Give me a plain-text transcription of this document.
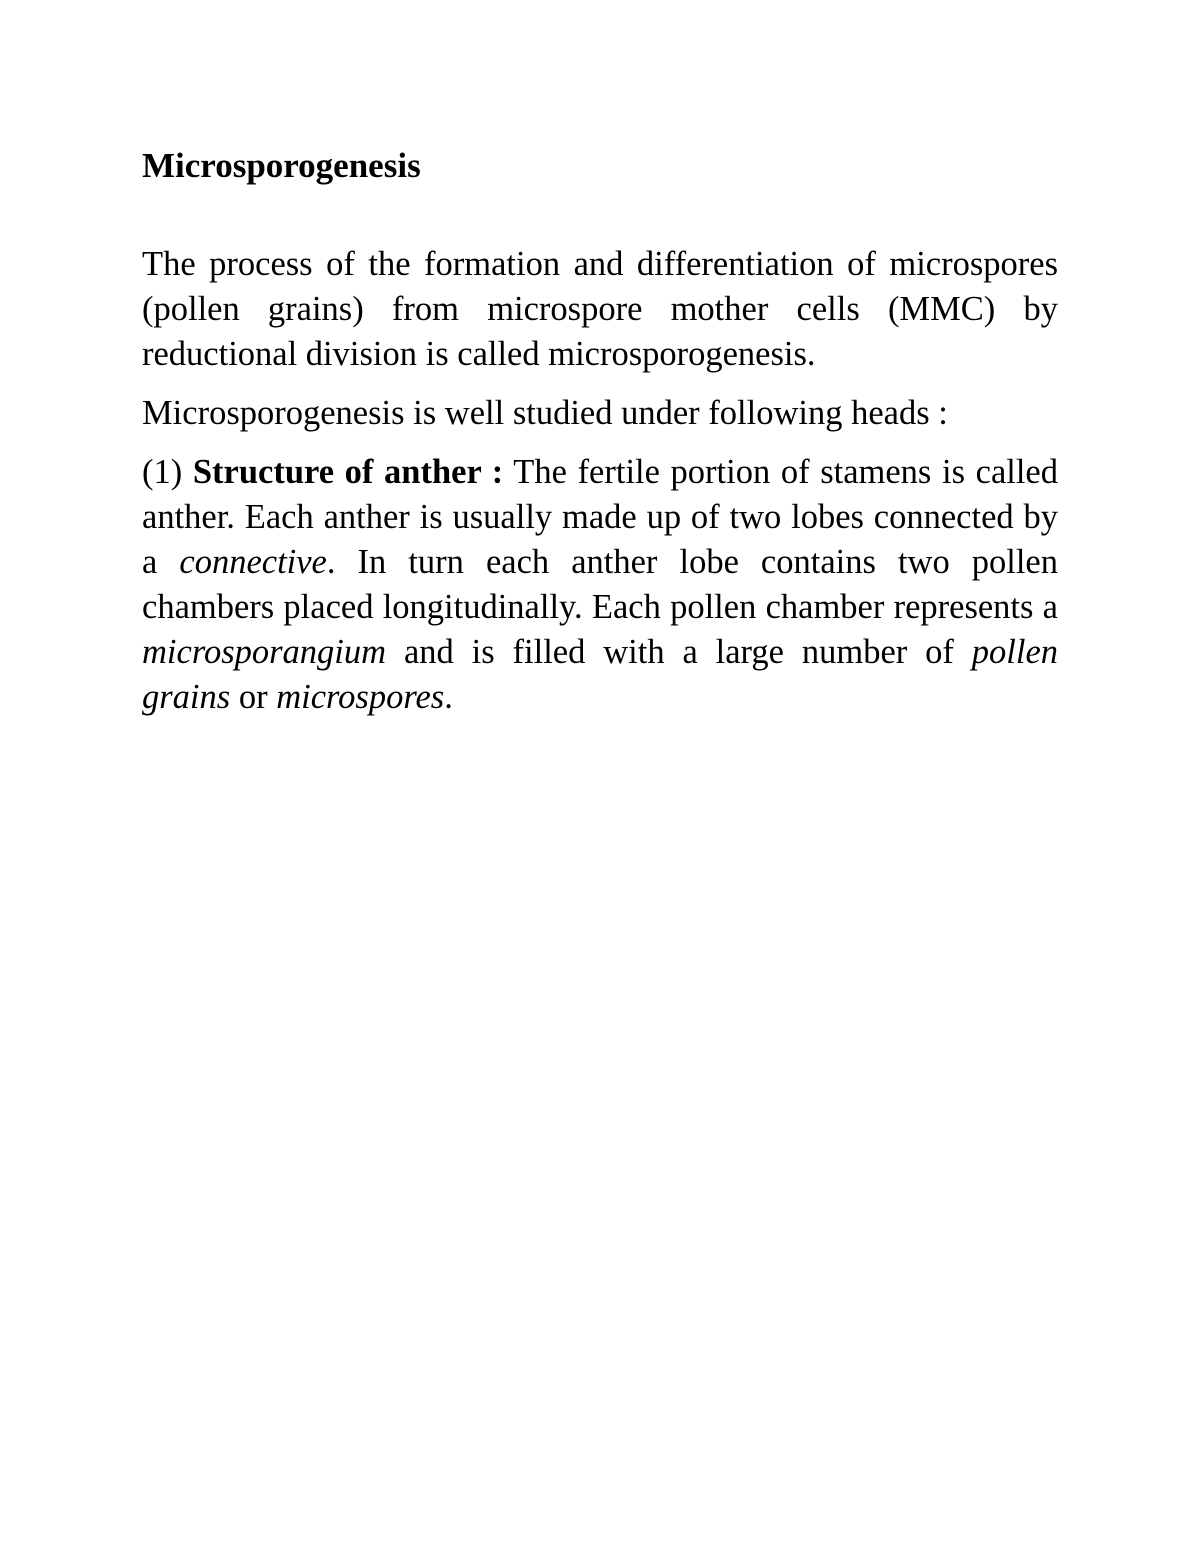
Microsporogenesis

The process of the formation and differentiation of microspores (pollen grains) from microspore mother cells (MMC) by reductional division is called microsporogenesis.

Microsporogenesis is well studied under following heads :

(1) Structure of anther : The fertile portion of stamens is called anther. Each anther is usually made up of two lobes connected by a connective. In turn each anther lobe contains two pollen chambers placed longitudinally. Each pollen chamber represents a microsporangium and is filled with a large number of pollen grains or microspores.
